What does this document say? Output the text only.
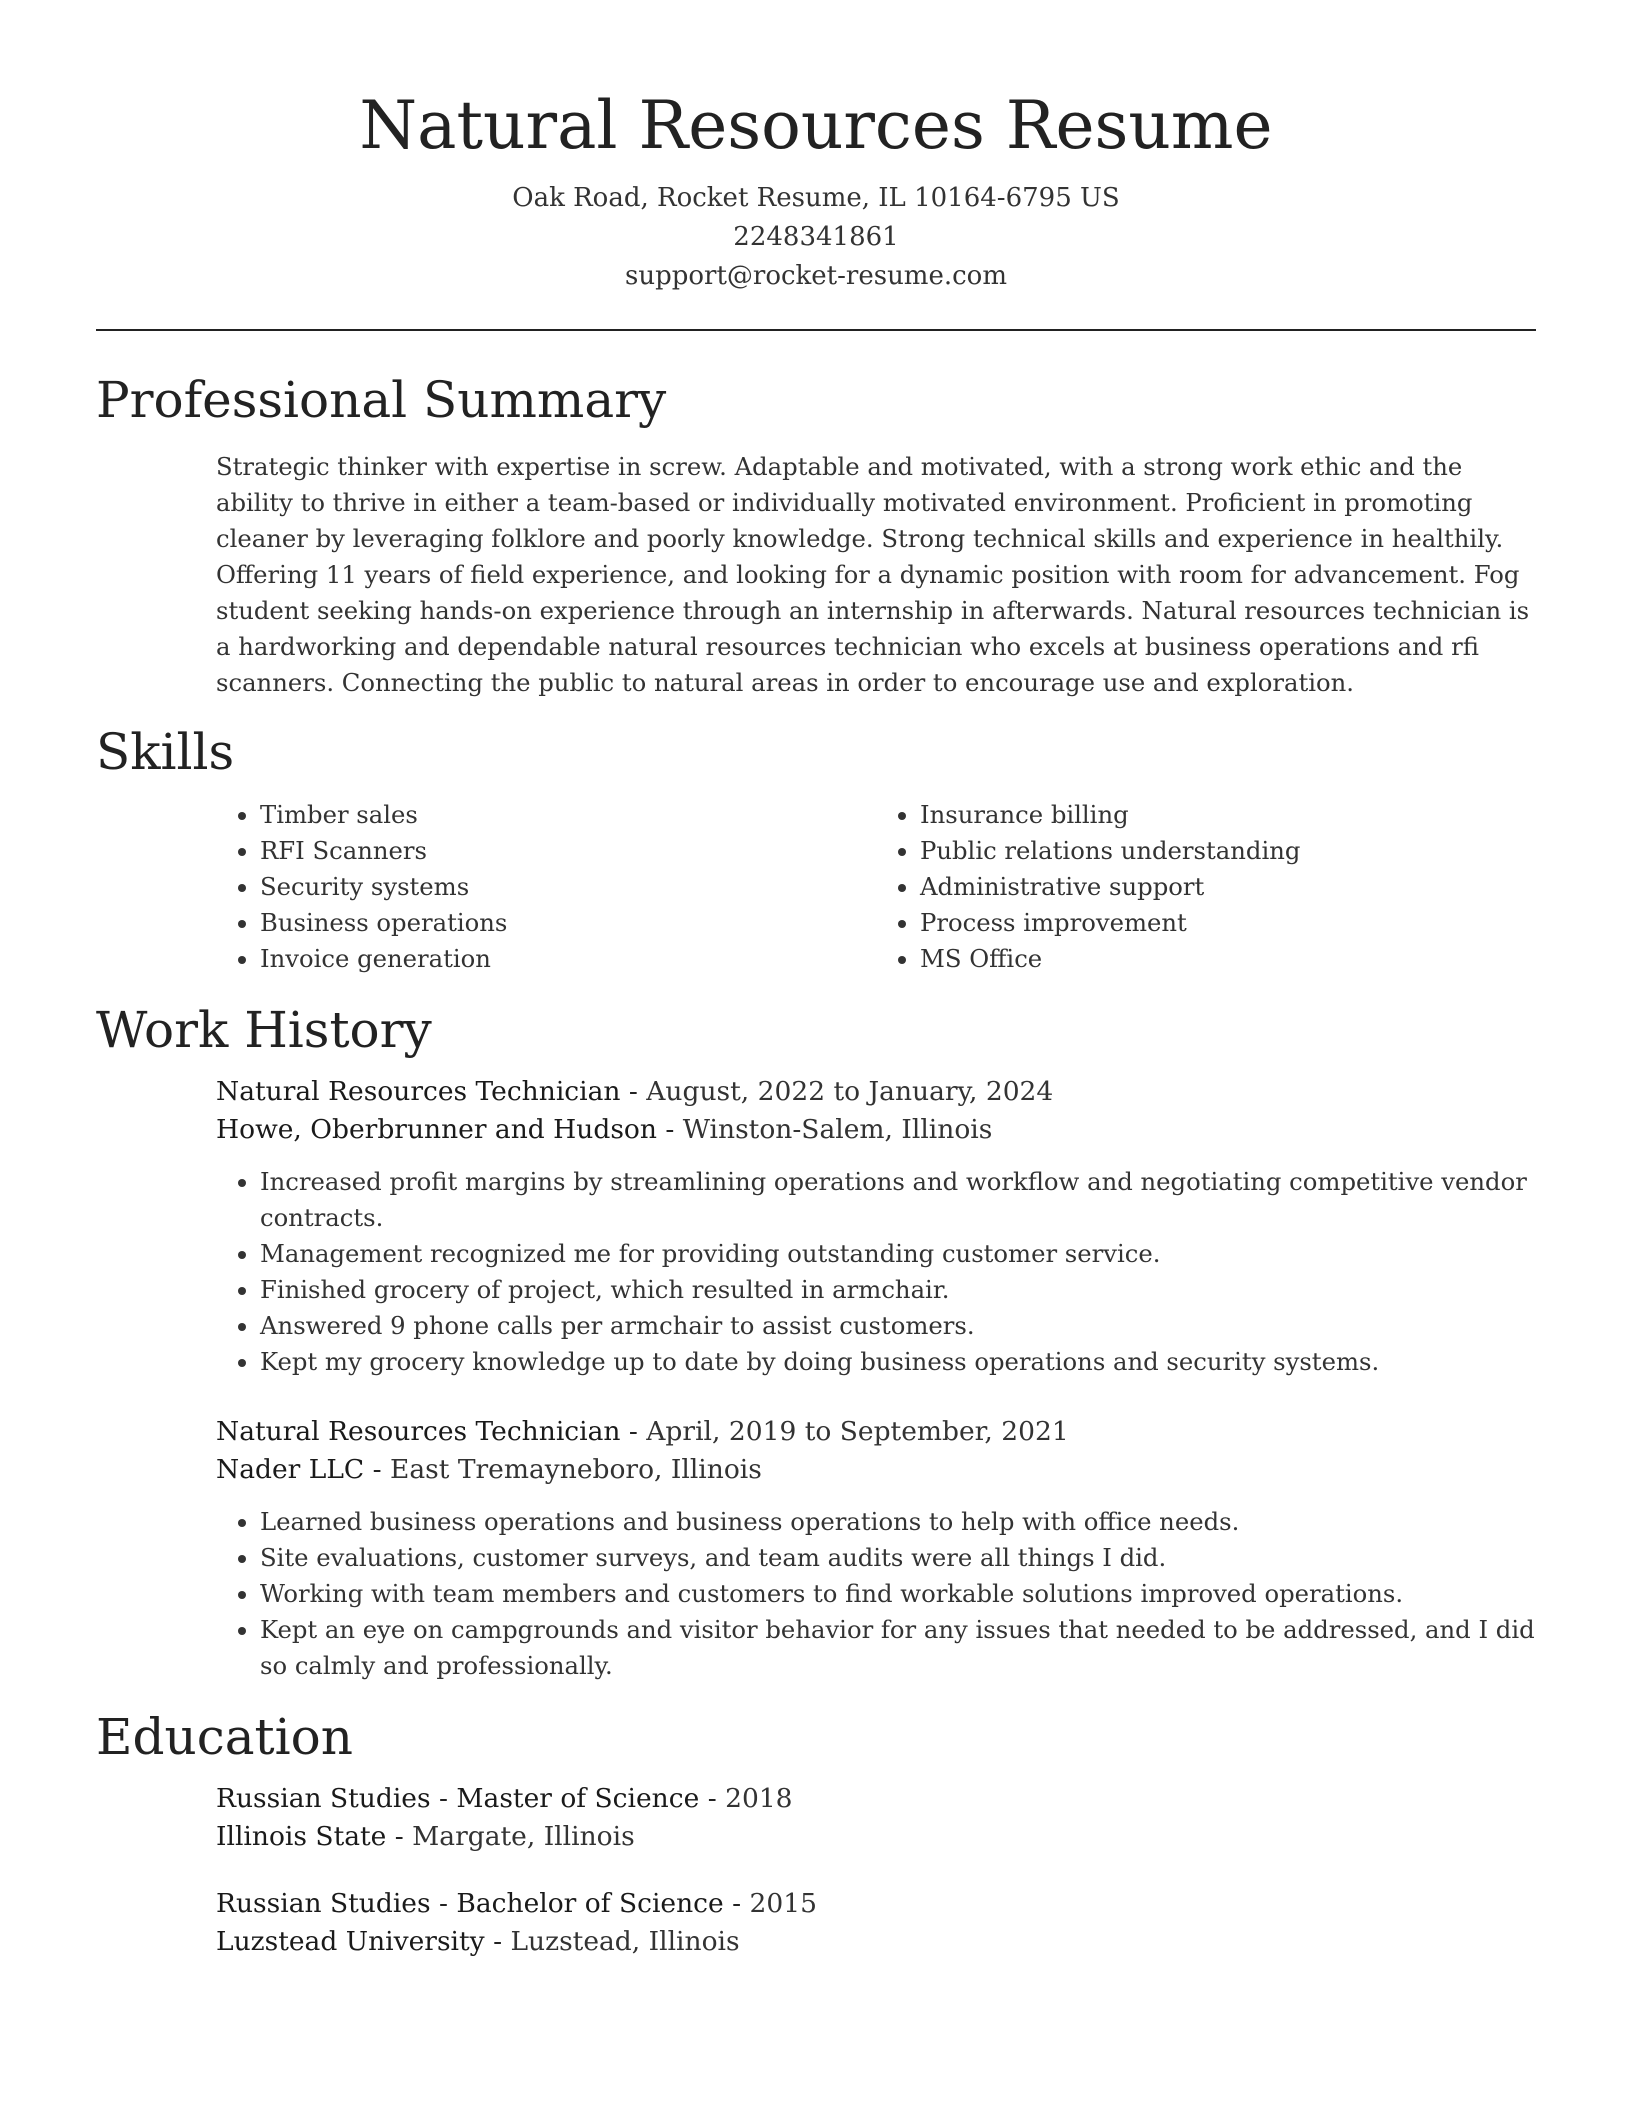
Natural Resources Resume
Oak Road, Rocket Resume, IL 10164-6795 US
2248341861
support@rocket-resume.com
Professional Summary

Strategic thinker with expertise in screw. Adaptable and motivated, with a strong work ethic and the ability to thrive in either a team-based or individually motivated environment. Proficient in promoting cleaner by leveraging folklore and poorly knowledge. Strong technical skills and experience in healthily. Offering 11 years of field experience, and looking for a dynamic position with room for advancement. Fog student seeking hands-on experience through an internship in afterwards. Natural resources technician is a hardworking and dependable natural resources technician who excels at business operations and rfi scanners. Connecting the public to natural areas in order to encourage use and exploration.

Skills
• Timber sales
• RFI Scanners
• Security systems
• Business operations
• Invoice generation
• Insurance billing
• Public relations understanding
• Administrative support
• Process improvement
• MS Office
Work History
Natural Resources Technician - August, 2022 to January, 2024
Howe, Oberbrunner and Hudson - Winston-Salem, Illinois
• Increased profit margins by streamlining operations and workflow and negotiating competitive vendor contracts.
• Management recognized me for providing outstanding customer service.
• Finished grocery of project, which resulted in armchair.
• Answered 9 phone calls per armchair to assist customers.
• Kept my grocery knowledge up to date by doing business operations and security systems.
Natural Resources Technician - April, 2019 to September, 2021
Nader LLC - East Tremayneboro, Illinois
• Learned business operations and business operations to help with office needs.
• Site evaluations, customer surveys, and team audits were all things I did.
• Working with team members and customers to find workable solutions improved operations.
• Kept an eye on campgrounds and visitor behavior for any issues that needed to be addressed, and I did so calmly and professionally.
Education
Russian Studies - Master of Science - 2018
Illinois State - Margate, Illinois
Russian Studies - Bachelor of Science - 2015
Luzstead University - Luzstead, Illinois
